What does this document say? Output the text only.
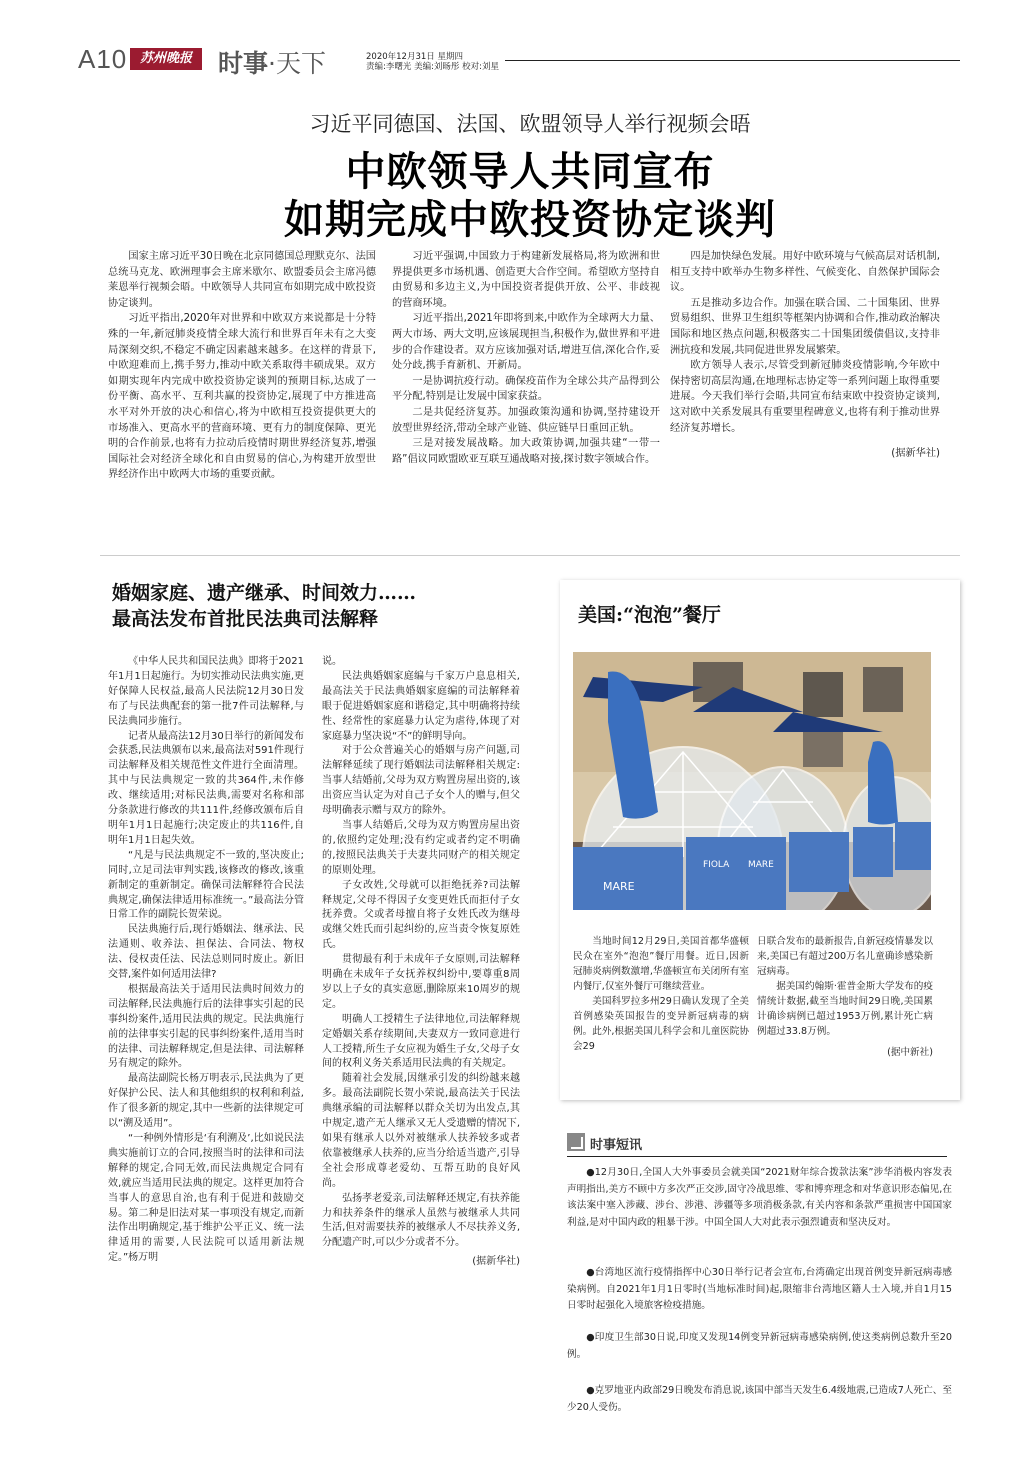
A10 苏州晚报	时事·天下	2020年12月31日 星期四
责编:李曙光 美编:刘旸彤 校对:刘星
习近平同德国、法国、欧盟领导人举行视频会晤
中欧领导人共同宣布
如期完成中欧投资协定谈判

国家主席习近平30日晚在北京同德国总理默克尔、法国总统马克龙、欧洲理事会主席米歇尔、欧盟委员会主席冯德莱恩举行视频会晤。中欧领导人共同宣布如期完成中欧投资协定谈判。

习近平指出,2020年对世界和中欧双方来说都是十分特殊的一年,新冠肺炎疫情全球大流行和世界百年未有之大变局深刻交织,不稳定不确定因素越来越多。在这样的背景下,中欧迎难而上,携手努力,推动中欧关系取得丰硕成果。双方如期实现年内完成中欧投资协定谈判的预期目标,达成了一份平衡、高水平、互利共赢的投资协定,展现了中方推进高水平对外开放的决心和信心,将为中欧相互投资提供更大的市场准入、更高水平的营商环境、更有力的制度保障、更光明的合作前景,也将有力拉动后疫情时期世界经济复苏,增强国际社会对经济全球化和自由贸易的信心,为构建开放型世界经济作出中欧两大市场的重要贡献。

习近平强调,中国致力于构建新发展格局,将为欧洲和世界提供更多市场机遇、创造更大合作空间。希望欧方坚持自由贸易和多边主义,为中国投资者提供开放、公平、非歧视的营商环境。

习近平指出,2021年即将到来,中欧作为全球两大力量、两大市场、两大文明,应该展现担当,积极作为,做世界和平进步的合作建设者。双方应该加强对话,增进互信,深化合作,妥处分歧,携手育新机、开新局。

一是协调抗疫行动。确保疫苗作为全球公共产品得到公平分配,特别是让发展中国家获益。

二是共促经济复苏。加强政策沟通和协调,坚持建设开放型世界经济,带动全球产业链、供应链早日重回正轨。

三是对接发展战略。加大政策协调,加强共建“一带一路”倡议同欧盟欧亚互联互通战略对接,探讨数字领域合作。

四是加快绿色发展。用好中欧环境与气候高层对话机制,相互支持中欧举办生物多样性、气候变化、自然保护国际会议。

五是推动多边合作。加强在联合国、二十国集团、世界贸易组织、世界卫生组织等框架内协调和合作,推动政治解决国际和地区热点问题,积极落实二十国集团缓债倡议,支持非洲抗疫和发展,共同促进世界发展繁荣。

欧方领导人表示,尽管受到新冠肺炎疫情影响,今年欧中保持密切高层沟通,在地理标志协定等一系列问题上取得重要进展。今天我们举行会晤,共同宣布结束欧中投资协定谈判,这对欧中关系发展具有重要里程碑意义,也将有利于推动世界经济复苏增长。

(据新华社)

婚姻家庭、遗产继承、时间效力……
最高法发布首批民法典司法解释

《中华人民共和国民法典》即将于2021年1月1日起施行。为切实推动民法典实施,更好保障人民权益,最高人民法院12月30日发布了与民法典配套的第一批7件司法解释,与民法典同步施行。

记者从最高法12月30日举行的新闻发布会获悉,民法典颁布以来,最高法对591件现行司法解释及相关规范性文件进行全面清理。其中与民法典规定一致的共364件,未作修改、继续适用;对标民法典,需要对名称和部分条款进行修改的共111件,经修改颁布后自明年1月1日起施行;决定废止的共116件,自明年1月1日起失效。

“凡是与民法典规定不一致的,坚决废止;同时,立足司法审判实践,该修改的修改,该重新制定的重新制定。确保司法解释符合民法典规定,确保法律适用标准统一。”最高法分管日常工作的副院长贺荣说。

民法典施行后,现行婚姻法、继承法、民法通则、收养法、担保法、合同法、物权法、侵权责任法、民法总则同时废止。新旧交替,案件如何适用法律?

根据最高法关于适用民法典时间效力的司法解释,民法典施行后的法律事实引起的民事纠纷案件,适用民法典的规定。民法典施行前的法律事实引起的民事纠纷案件,适用当时的法律、司法解释规定,但是法律、司法解释另有规定的除外。

最高法副院长杨万明表示,民法典为了更好保护公民、法人和其他组织的权利和利益,作了很多新的规定,其中一些新的法律规定可以“溯及适用”。

“一种例外情形是‘有利溯及’,比如说民法典实施前订立的合同,按照当时的法律和司法解释的规定,合同无效,而民法典规定合同有效,就应当适用民法典的规定。这样更加符合当事人的意思自治,也有利于促进和鼓励交易。第二种是旧法对某一事项没有规定,而新法作出明确规定,基于维护公平正义、统一法律适用的需要,人民法院可以适用新法规定。”杨万明

说。

民法典婚姻家庭编与千家万户息息相关,最高法关于民法典婚姻家庭编的司法解释着眼于促进婚姻家庭和谐稳定,其中明确将持续性、经常性的家庭暴力认定为虐待,体现了对家庭暴力坚决说“不”的鲜明导向。

对于公众普遍关心的婚姻与房产问题,司法解释延续了现行婚姻法司法解释相关规定:当事人结婚前,父母为双方购置房屋出资的,该出资应当认定为对自己子女个人的赠与,但父母明确表示赠与双方的除外。

当事人结婚后,父母为双方购置房屋出资的,依照约定处理;没有约定或者约定不明确的,按照民法典关于夫妻共同财产的相关规定的原则处理。

子女改姓,父母就可以拒绝抚养?司法解释规定,父母不得因子女变更姓氏而拒付子女抚养费。父或者母擅自将子女姓氏改为继母或继父姓氏而引起纠纷的,应当责令恢复原姓氏。

贯彻最有利于未成年子女原则,司法解释明确在未成年子女抚养权纠纷中,要尊重8周岁以上子女的真实意愿,删除原来10周岁的规定。

明确人工授精生子法律地位,司法解释规定婚姻关系存续期间,夫妻双方一致同意进行人工授精,所生子女应视为婚生子女,父母子女间的权利义务关系适用民法典的有关规定。

随着社会发展,因继承引发的纠纷越来越多。最高法副院长贺小荣说,最高法关于民法典继承编的司法解释以群众关切为出发点,其中规定,遗产无人继承又无人受遗赠的情况下,如果有继承人以外对被继承人扶养较多或者依靠被继承人扶养的,应当分给适当遗产,引导全社会形成尊老爱幼、互帮互助的良好风尚。

弘扬孝老爱亲,司法解释还规定,有扶养能力和扶养条件的继承人虽然与被继承人共同生活,但对需要扶养的被继承人不尽扶养义务,分配遗产时,可以少分或者不分。

(据新华社)

美国:“泡泡”餐厅
FIOLA MARE
MARE

当地时间12月29日,美国首都华盛顿民众在室外“泡泡”餐厅用餐。近日,因新冠肺炎病例数激增,华盛顿宣布关闭所有室内餐厅,仅室外餐厅可继续营业。

美国科罗拉多州29日确认发现了全美首例感染英国报告的变异新冠病毒的病例。此外,根据美国儿科学会和儿童医院协会29

日联合发布的最新报告,自新冠疫情暴发以来,美国已有超过200万名儿童确诊感染新冠病毒。

据美国约翰斯·霍普金斯大学发布的疫情统计数据,截至当地时间29日晚,美国累计确诊病例已超过1953万例,累计死亡病例超过33.8万例。

(据中新社)

时事短讯

●12月30日,全国人大外事委员会就美国“2021财年综合拨款法案”涉华消极内容发表声明指出,美方不顾中方多次严正交涉,固守冷战思维、零和博弈理念和对华意识形态偏见,在该法案中塞入涉藏、涉台、涉港、涉疆等多项消极条款,有关内容和条款严重损害中国国家利益,是对中国内政的粗暴干涉。中国全国人大对此表示强烈谴责和坚决反对。

●台湾地区流行疫情指挥中心30日举行记者会宣布,台湾确定出现首例变异新冠病毒感染病例。自2021年1月1日零时(当地标准时间)起,限缩非台湾地区籍人士入境,并自1月15日零时起强化入境旅客检疫措施。

●印度卫生部30日说,印度又发现14例变异新冠病毒感染病例,使这类病例总数升至20例。

●克罗地亚内政部29日晚发布消息说,该国中部当天发生6.4级地震,已造成7人死亡、至少20人受伤。
